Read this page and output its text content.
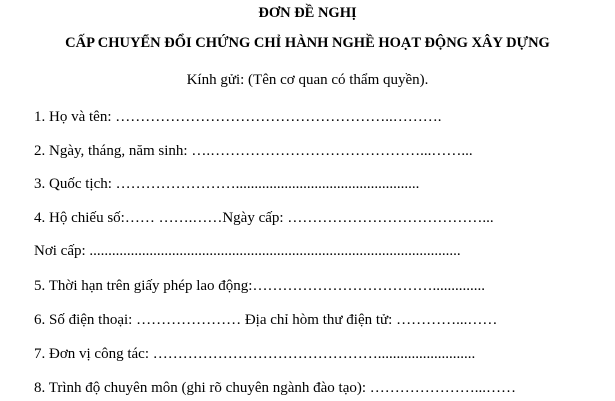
ĐƠN ĐỀ NGHỊ
CẤP CHUYỂN ĐỔI CHỨNG CHỈ HÀNH NGHỀ HOẠT ĐỘNG XÂY DỰNG
Kính gửi: (Tên cơ quan có thẩm quyền).
1. Họ và tên: ………………………………………………..……….
2. Ngày, tháng, năm sinh: ….……………………………………...……...
3. Quốc tịch: …………………….................................................
4. Hộ chiếu số:…… …….……Ngày cấp: …………………………………...
Nơi cấp: ...................................................................................................
5. Thời hạn trên giấy phép lao động:………………………………..............
6. Số điện thoại: ………………… Địa chỉ hòm thư điện tử: …………...……
7. Đơn vị công tác: ………………………………………..........................
8. Trình độ chuyên môn (ghi rõ chuyên ngành đào tạo): …………………...……
